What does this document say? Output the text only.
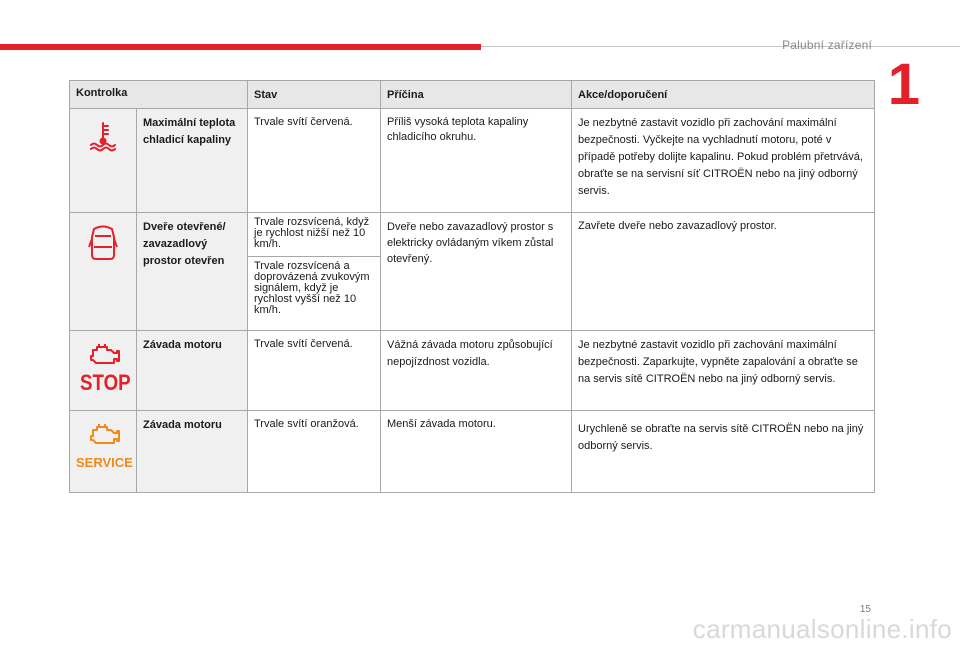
Palubní zařízení
1
Kontrolka		Stav	Příčina	Akce/doporučení

	Maximální teplota chladicí kapaliny	Trvale svítí červená.	Příliš vysoká teplota kapaliny chladicího okruhu.	Je nezbytné zastavit vozidlo při zachování maximální bezpečnosti. Vyčkejte na vychladnutí motoru, poté v případě potřeby dolijte kapalinu. Pokud problém přetrvává, obraťte se na servisní síť CITROËN nebo na jiný odborný servis.

	Dveře otevřené/ zavazadlový prostor otevřen	Trvale rozsvícená, když je rychlost nižší než 10 km/h.	Dveře nebo zavazadlový prostor s elektricky ovládaným víkem zůstal otevřený.	Zavřete dveře nebo zavazadlový prostor.
		Trvale rozsvícená a doprovázená zvukovým signálem, když je rychlost vyšší než 10 km/h.		

STOP	Závada motoru	Trvale svítí červená.	Vážná závada motoru způsobující nepojízdnost vozidla.	Je nezbytné zastavit vozidlo při zachování maximální bezpečnosti. Zaparkujte, vypněte zapalování a obraťte se na servis sítě CITROËN nebo na jiný odborný servis.

SERVICE	Závada motoru	Trvale svítí oranžová.	Menší závada motoru.	Urychleně se obraťte na servis sítě CITROËN nebo na jiný odborný servis.
15
carmanualsonline.info
